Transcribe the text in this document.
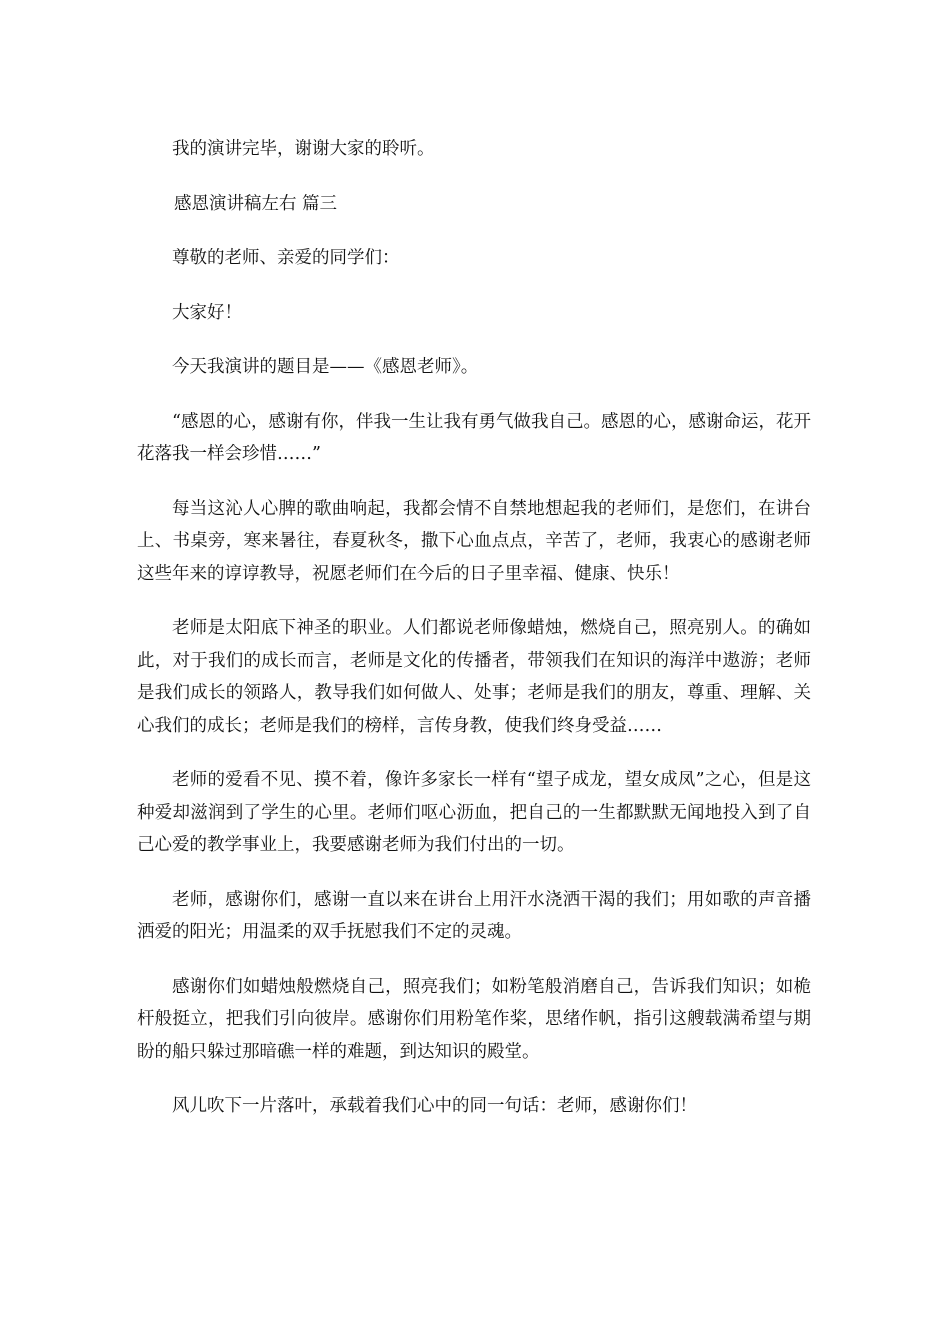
我的演讲完毕，谢谢大家的聆听。

感恩演讲稿左右 篇三

尊敬的老师、亲爱的同学们：

大家好！

今天我演讲的题目是——《感恩老师》。

“感恩的心，感谢有你，伴我一生让我有勇气做我自己。感恩的心，感谢命运，花开花落我一样会珍惜……”

每当这沁人心脾的歌曲响起，我都会情不自禁地想起我的老师们，是您们，在讲台上、书桌旁，寒来暑往，春夏秋冬，撒下心血点点，辛苦了，老师，我衷心的感谢老师这些年来的谆谆教导，祝愿老师们在今后的日子里幸福、健康、快乐！

老师是太阳底下神圣的职业。人们都说老师像蜡烛，燃烧自己，照亮别人。的确如此，对于我们的成长而言，老师是文化的传播者，带领我们在知识的海洋中遨游；老师是我们成长的领路人，教导我们如何做人、处事；老师是我们的朋友，尊重、理解、关心我们的成长；老师是我们的榜样，言传身教，使我们终身受益……

老师的爱看不见、摸不着，像许多家长一样有“望子成龙，望女成凤”之心，但是这种爱却滋润到了学生的心里。老师们呕心沥血，把自己的一生都默默无闻地投入到了自己心爱的教学事业上，我要感谢老师为我们付出的一切。

老师，感谢你们，感谢一直以来在讲台上用汗水浇洒干渴的我们；用如歌的声音播洒爱的阳光；用温柔的双手抚慰我们不定的灵魂。

感谢你们如蜡烛般燃烧自己，照亮我们；如粉笔般消磨自己，告诉我们知识；如桅杆般挺立，把我们引向彼岸。感谢你们用粉笔作桨，思绪作帆，指引这艘载满希望与期盼的船只躲过那暗礁一样的难题，到达知识的殿堂。

风儿吹下一片落叶，承载着我们心中的同一句话：老师，感谢你们！
